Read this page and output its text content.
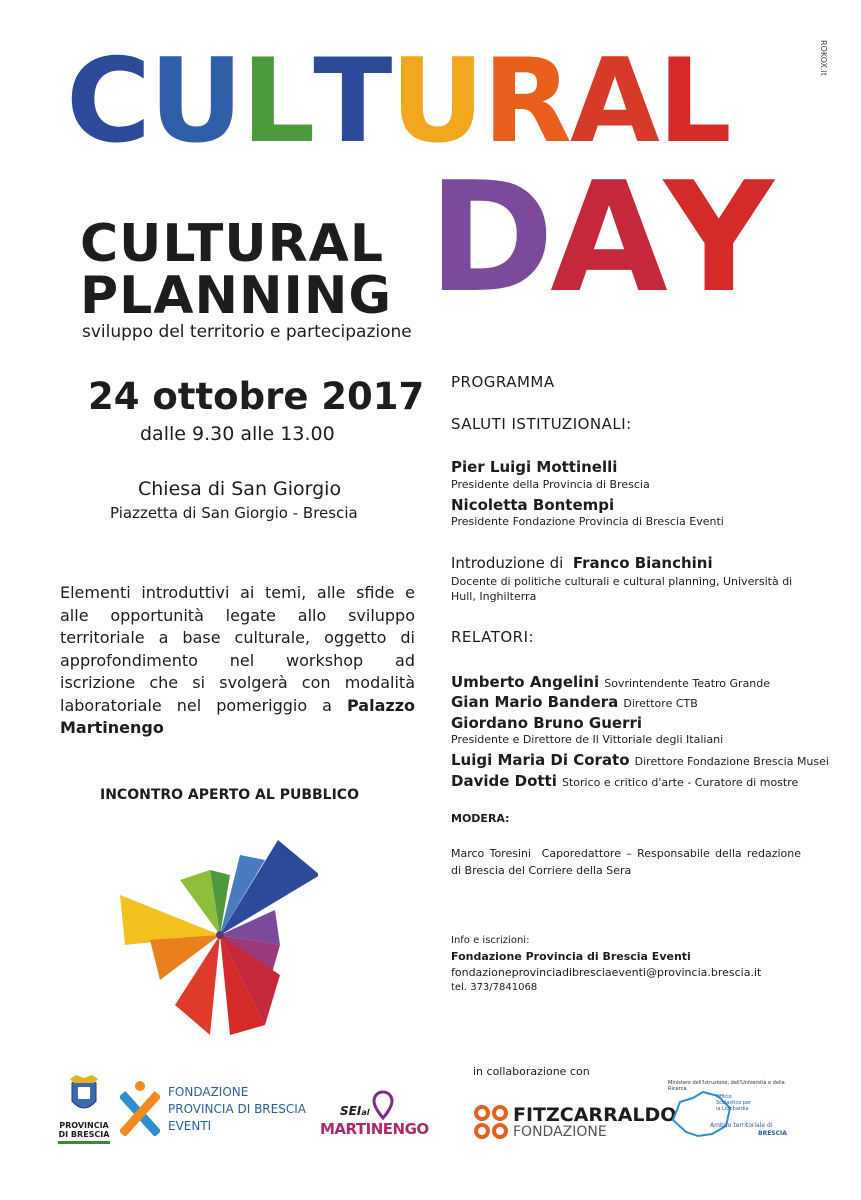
ROKOX.it
CULTURAL
DAY
CULTURAL
PLANNING
sviluppo del territorio e partecipazione
24 ottobre 2017
dalle 9.30 alle 13.00
Chiesa di San Giorgio
Piazzetta di San Giorgio - Brescia
Elementi introduttivi ai temi, alle sfide e alle opportunità legate allo sviluppo territoriale a base culturale, oggetto di approfondimento nel workshop ad iscrizione che si svolgerà con modalità laboratoriale nel pomeriggio a Palazzo Martinengo
INCONTRO APERTO AL PUBBLICO
PROGRAMMA
SALUTI ISTITUZIONALI:
Pier Luigi Mottinelli
Presidente della Provincia di Brescia
Nicoletta Bontempi
Presidente Fondazione Provincia di Brescia Eventi
Introduzione di Franco Bianchini
Docente di politiche culturali e cultural planning, Università di Hull, Inghilterra
RELATORI:
Umberto Angelini Sovrintendente Teatro Grande
Gian Mario Bandera Direttore CTB
Giordano Bruno Guerri
Presidente e Direttore de Il Vittoriale degli Italiani
Luigi Maria Di Corato Direttore Fondazione Brescia Musei
Davide Dotti Storico e critico d'arte - Curatore di mostre
MODERA:
Marco Toresini Caporedattore – Responsabile della redazione di Brescia del Corriere della Sera
Info e iscrizioni:
Fondazione Provincia di Brescia Eventi
fondazioneprovinciadibresciaeventi@provincia.brescia.it
tel. 373/7841068
in collaborazione con
PROVINCIA DI BRESCIA
FONDAZIONE
PROVINCIA DI BRESCIA
EVENTI
SEIal
MARTINENGO
FITZCARRALDO
FONDAZIONE
Ministero dell'Istruzione, dell'Università e della Ricerca
Ufficio Scolastico per la Lombardia
Ambito territoriale di
BRESCIA
